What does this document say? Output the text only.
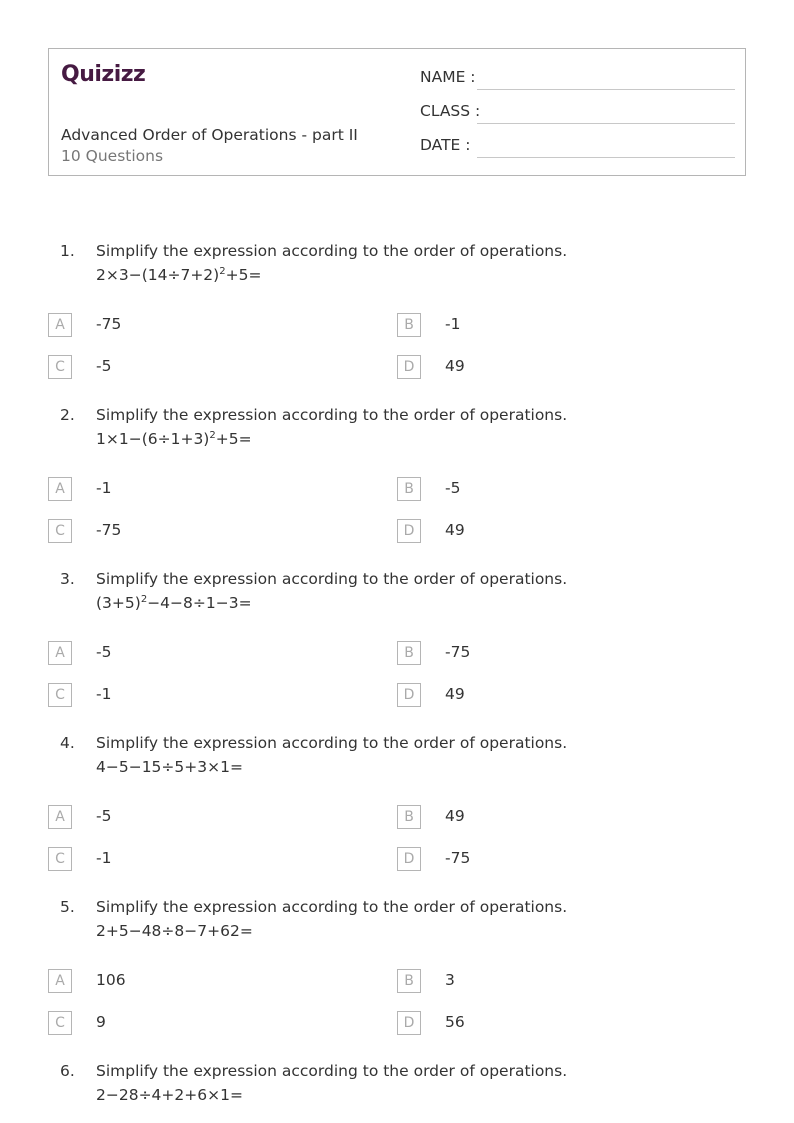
Quizizz
Advanced Order of Operations - part II
10 Questions
NAME :
CLASS :
DATE :
1. Simplify the expression according to the order of operations.
$2\times 3-(14\div 7+2)^2+5=$
A	-75	B	-1
C	-5	D	49
2. Simplify the expression according to the order of operations.
$1\times 1-(6\div 1+3)^2+5=$
A	-1	B	-5
C	-75	D	49
3. Simplify the expression according to the order of operations.
$(3+5)^2-4-8\div 1-3=$
A	-5	B	-75
C	-1	D	49
4. Simplify the expression according to the order of operations.
4−5−15÷5+3×1=
A	-5	B	49
C	-1	D	-75
5. Simplify the expression according to the order of operations.
2+5−48÷8−7+62=
A	106	B	3
C	9	D	56
6. Simplify the expression according to the order of operations.
2−28÷4+2+6×1=
